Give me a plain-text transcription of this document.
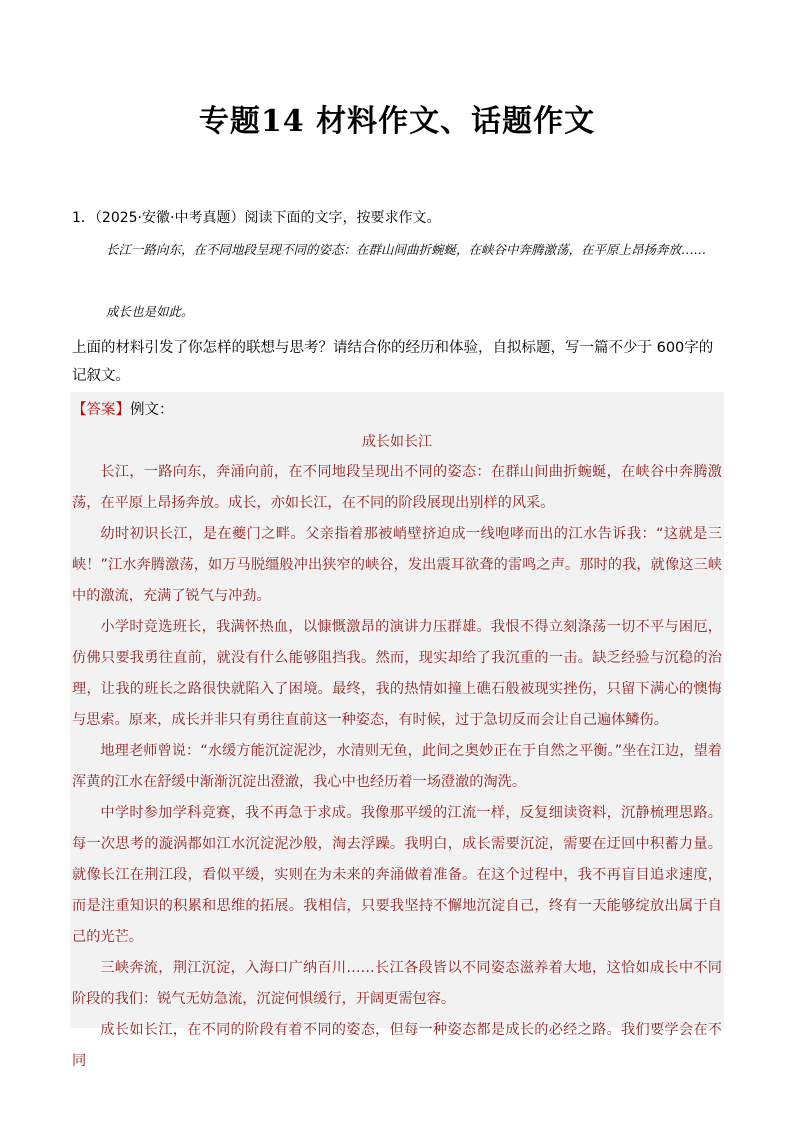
专题14 材料作文、话题作文
1．（2025·安徽·中考真题）阅读下面的文字，按要求作文。
长江一路向东，在不同地段呈现不同的姿态：在群山间曲折蜿蜒，在峡谷中奔腾激荡，在平原上昂扬奔放……
成长也是如此。
上面的材料引发了你怎样的联想与思考？请结合你的经历和体验，自拟标题，写一篇不少于 600字的记叙文。
【答案】例文：
成长如长江

长江，一路向东，奔涌向前，在不同地段呈现出不同的姿态：在群山间曲折蜿蜒，在峡谷中奔腾激荡，在平原上昂扬奔放。成长，亦如长江，在不同的阶段展现出别样的风采。

幼时初识长江，是在夔门之畔。父亲指着那被峭壁挤迫成一线咆哮而出的江水告诉我：“这就是三峡！”江水奔腾激荡，如万马脱缰般冲出狭窄的峡谷，发出震耳欲聋的雷鸣之声。那时的我，就像这三峡中的激流，充满了锐气与冲劲。

小学时竞选班长，我满怀热血，以慷慨激昂的演讲力压群雄。我恨不得立刻涤荡一切不平与困厄，仿佛只要我勇往直前，就没有什么能够阻挡我。然而，现实却给了我沉重的一击。缺乏经验与沉稳的治理，让我的班长之路很快就陷入了困境。最终，我的热情如撞上礁石般被现实挫伤，只留下满心的懊悔与思索。原来，成长并非只有勇往直前这一种姿态，有时候，过于急切反而会让自己遍体鳞伤。

地理老师曾说：“水缓方能沉淀泥沙，水清则无鱼，此间之奥妙正在于自然之平衡。”坐在江边，望着浑黄的江水在舒缓中渐渐沉淀出澄澈，我心中也经历着一场澄澈的淘洗。

中学时参加学科竞赛，我不再急于求成。我像那平缓的江流一样，反复细读资料，沉静梳理思路。每一次思考的漩涡都如江水沉淀泥沙般，淘去浮躁。我明白，成长需要沉淀，需要在迂回中积蓄力量。就像长江在荆江段，看似平缓，实则在为未来的奔涌做着准备。在这个过程中，我不再盲目追求速度，而是注重知识的积累和思维的拓展。我相信，只要我坚持不懈地沉淀自己，终有一天能够绽放出属于自己的光芒。

三峡奔流，荆江沉淀，入海口广纳百川……长江各段皆以不同姿态滋养着大地，这恰如成长中不同阶段的我们：锐气无妨急流，沉淀何惧缓行，开阔更需包容。

成长如长江，在不同的阶段有着不同的姿态，但每一种姿态都是成长的必经之路。我们要学会在不同
